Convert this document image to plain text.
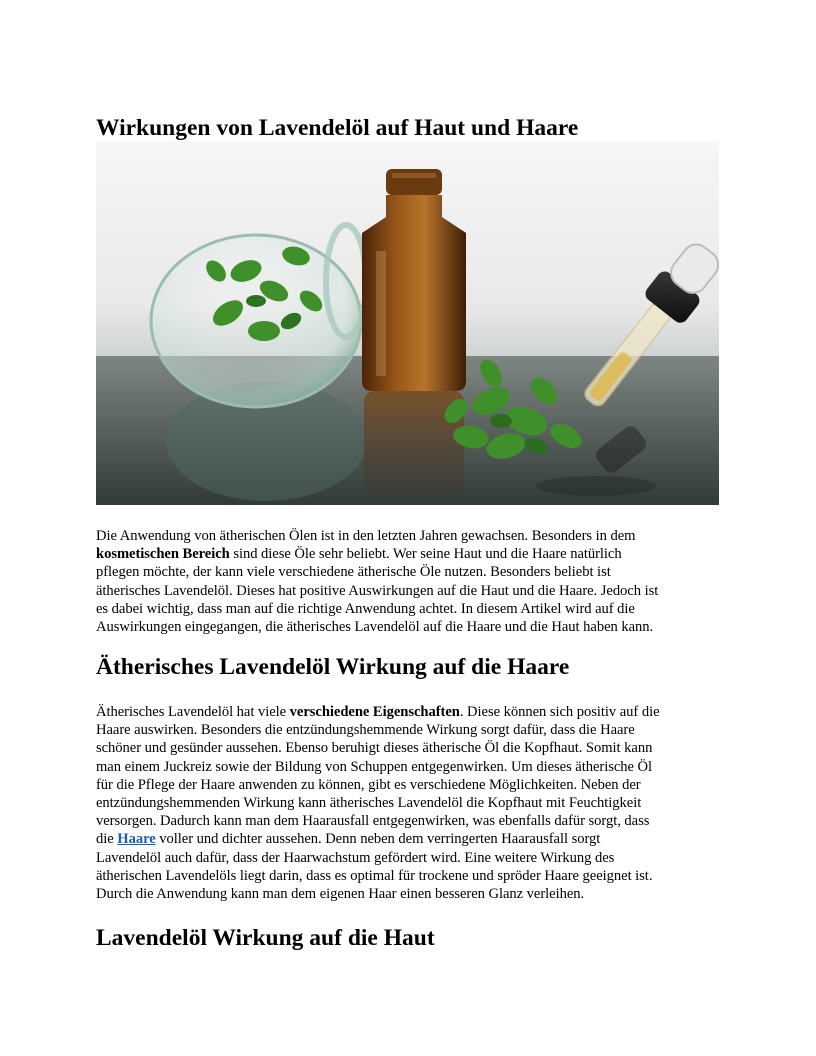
Wirkungen von Lavendelöl auf Haut und Haare
Die Anwendung von ätherischen Ölen ist in den letzten Jahren gewachsen. Besonders in dem
kosmetischen Bereich sind diese Öle sehr beliebt. Wer seine Haut und die Haare natürlich
pflegen möchte, der kann viele verschiedene ätherische Öle nutzen. Besonders beliebt ist
ätherisches Lavendelöl. Dieses hat positive Auswirkungen auf die Haut und die Haare. Jedoch ist
es dabei wichtig, dass man auf die richtige Anwendung achtet. In diesem Artikel wird auf die
Auswirkungen eingegangen, die ätherisches Lavendelöl auf die Haare und die Haut haben kann.
Ätherisches Lavendelöl Wirkung auf die Haare
Ätherisches Lavendelöl hat viele verschiedene Eigenschaften. Diese können sich positiv auf die
Haare auswirken. Besonders die entzündungshemmende Wirkung sorgt dafür, dass die Haare
schöner und gesünder aussehen. Ebenso beruhigt dieses ätherische Öl die Kopfhaut. Somit kann
man einem Juckreiz sowie der Bildung von Schuppen entgegenwirken. Um dieses ätherische Öl
für die Pflege der Haare anwenden zu können, gibt es verschiedene Möglichkeiten. Neben der
entzündungshemmenden Wirkung kann ätherisches Lavendelöl die Kopfhaut mit Feuchtigkeit
versorgen. Dadurch kann man dem Haarausfall entgegenwirken, was ebenfalls dafür sorgt, dass
die Haare voller und dichter aussehen. Denn neben dem verringerten Haarausfall sorgt
Lavendelöl auch dafür, dass der Haarwachstum gefördert wird. Eine weitere Wirkung des
ätherischen Lavendelöls liegt darin, dass es optimal für trockene und spröder Haare geeignet ist.
Durch die Anwendung kann man dem eigenen Haar einen besseren Glanz verleihen.
Lavendelöl Wirkung auf die Haut
